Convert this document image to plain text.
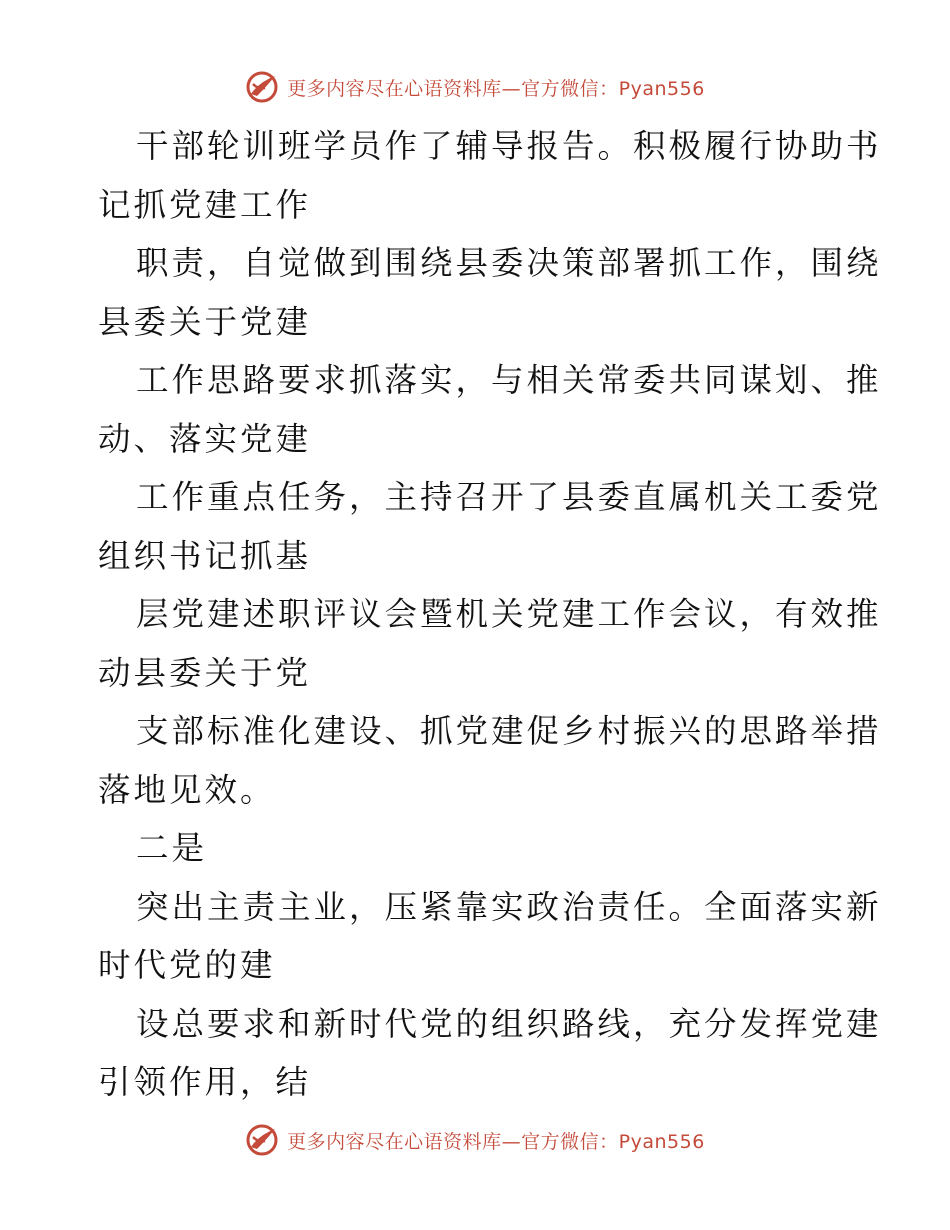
更多内容尽在心语资料库—官方微信：Pyan556
干部轮训班学员作了辅导报告。积极履行协助书
记抓党建工作
职责，自觉做到围绕县委决策部署抓工作，围绕
县委关于党建
工作思路要求抓落实，与相关常委共同谋划、推
动、落实党建
工作重点任务，主持召开了县委直属机关工委党
组织书记抓基
层党建述职评议会暨机关党建工作会议，有效推
动县委关于党
支部标准化建设、抓党建促乡村振兴的思路举措
落地见效。
二是
突出主责主业，压紧靠实政治责任。全面落实新
时代党的建
设总要求和新时代党的组织路线，充分发挥党建
引领作用，结
更多内容尽在心语资料库—官方微信：Pyan556
